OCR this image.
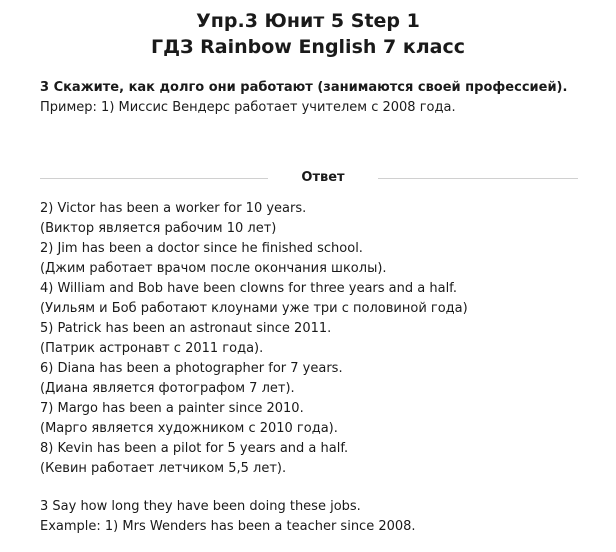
Упр.3 Юнит 5 Step 1
ГДЗ Rainbow English 7 класс
3 Скажите, как долго они работают (занимаются своей профессией).
Пример: 1) Миссис Вендерс работает учителем с 2008 года.
Ответ
2) Victor has been a worker for 10 years.
(Виктор является рабочим 10 лет)
2) Jim has been a doctor since he finished school.
(Джим работает врачом после окончания школы).
4) William and Bob have been clowns for three years and a half.
(Уильям и Боб работают клоунами уже три с половиной года)
5) Patrick has been an astronaut since 2011.
(Патрик астронавт с 2011 года).
6) Diana has been a photographer for 7 years.
(Диана является фотографом 7 лет).
7) Margo has been a painter since 2010.
(Марго является художником с 2010 года).
8) Kevin has been a pilot for 5 years and a half.
(Кевин работает летчиком 5,5 лет).
3 Say how long they have been doing these jobs.
Example: 1) Mrs Wenders has been a teacher since 2008.
